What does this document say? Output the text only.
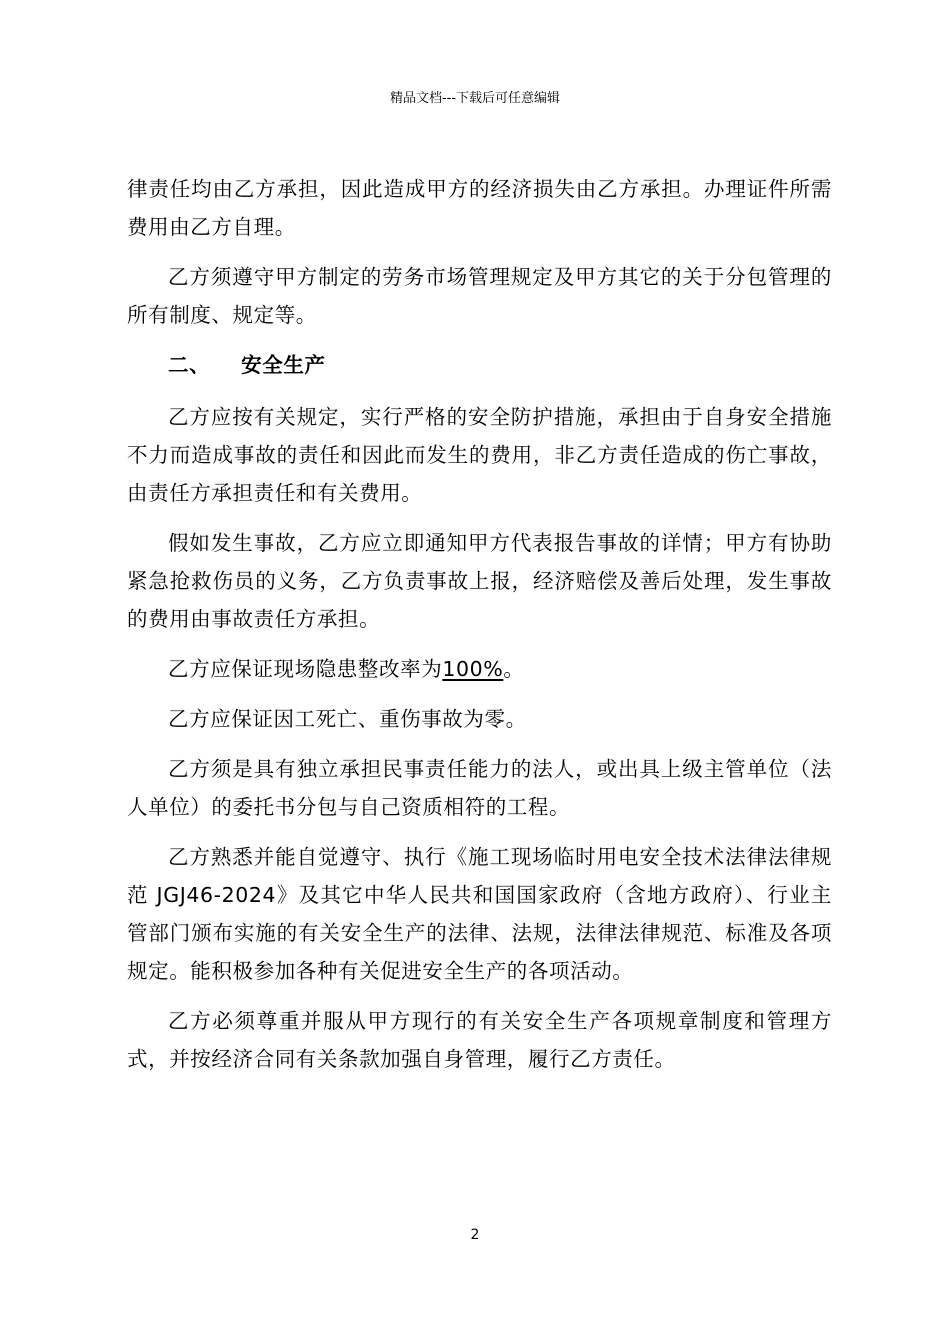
精品文档---下载后可任意编辑

律责任均由乙方承担，因此造成甲方的经济损失由乙方承担。办理证件所需费用由乙方自理。

乙方须遵守甲方制定的劳务市场管理规定及甲方其它的关于分包管理的所有制度、规定等。

二、 安全生产

乙方应按有关规定，实行严格的安全防护措施，承担由于自身安全措施不力而造成事故的责任和因此而发生的费用，非乙方责任造成的伤亡事故，由责任方承担责任和有关费用。

假如发生事故，乙方应立即通知甲方代表报告事故的详情；甲方有协助紧急抢救伤员的义务，乙方负责事故上报，经济赔偿及善后处理，发生事故的费用由事故责任方承担。

乙方应保证现场隐患整改率为100%。

乙方应保证因工死亡、重伤事故为零。

乙方须是具有独立承担民事责任能力的法人，或出具上级主管单位（法人单位）的委托书分包与自己资质相符的工程。

乙方熟悉并能自觉遵守、执行《施工现场临时用电安全技术法律法律规范 JGJ46-2024》及其它中华人民共和国国家政府（含地方政府）、行业主管部门颁布实施的有关安全生产的法律、法规，法律法律规范、标准及各项规定。能积极参加各种有关促进安全生产的各项活动。

乙方必须尊重并服从甲方现行的有关安全生产各项规章制度和管理方式，并按经济合同有关条款加强自身管理，履行乙方责任。

2
